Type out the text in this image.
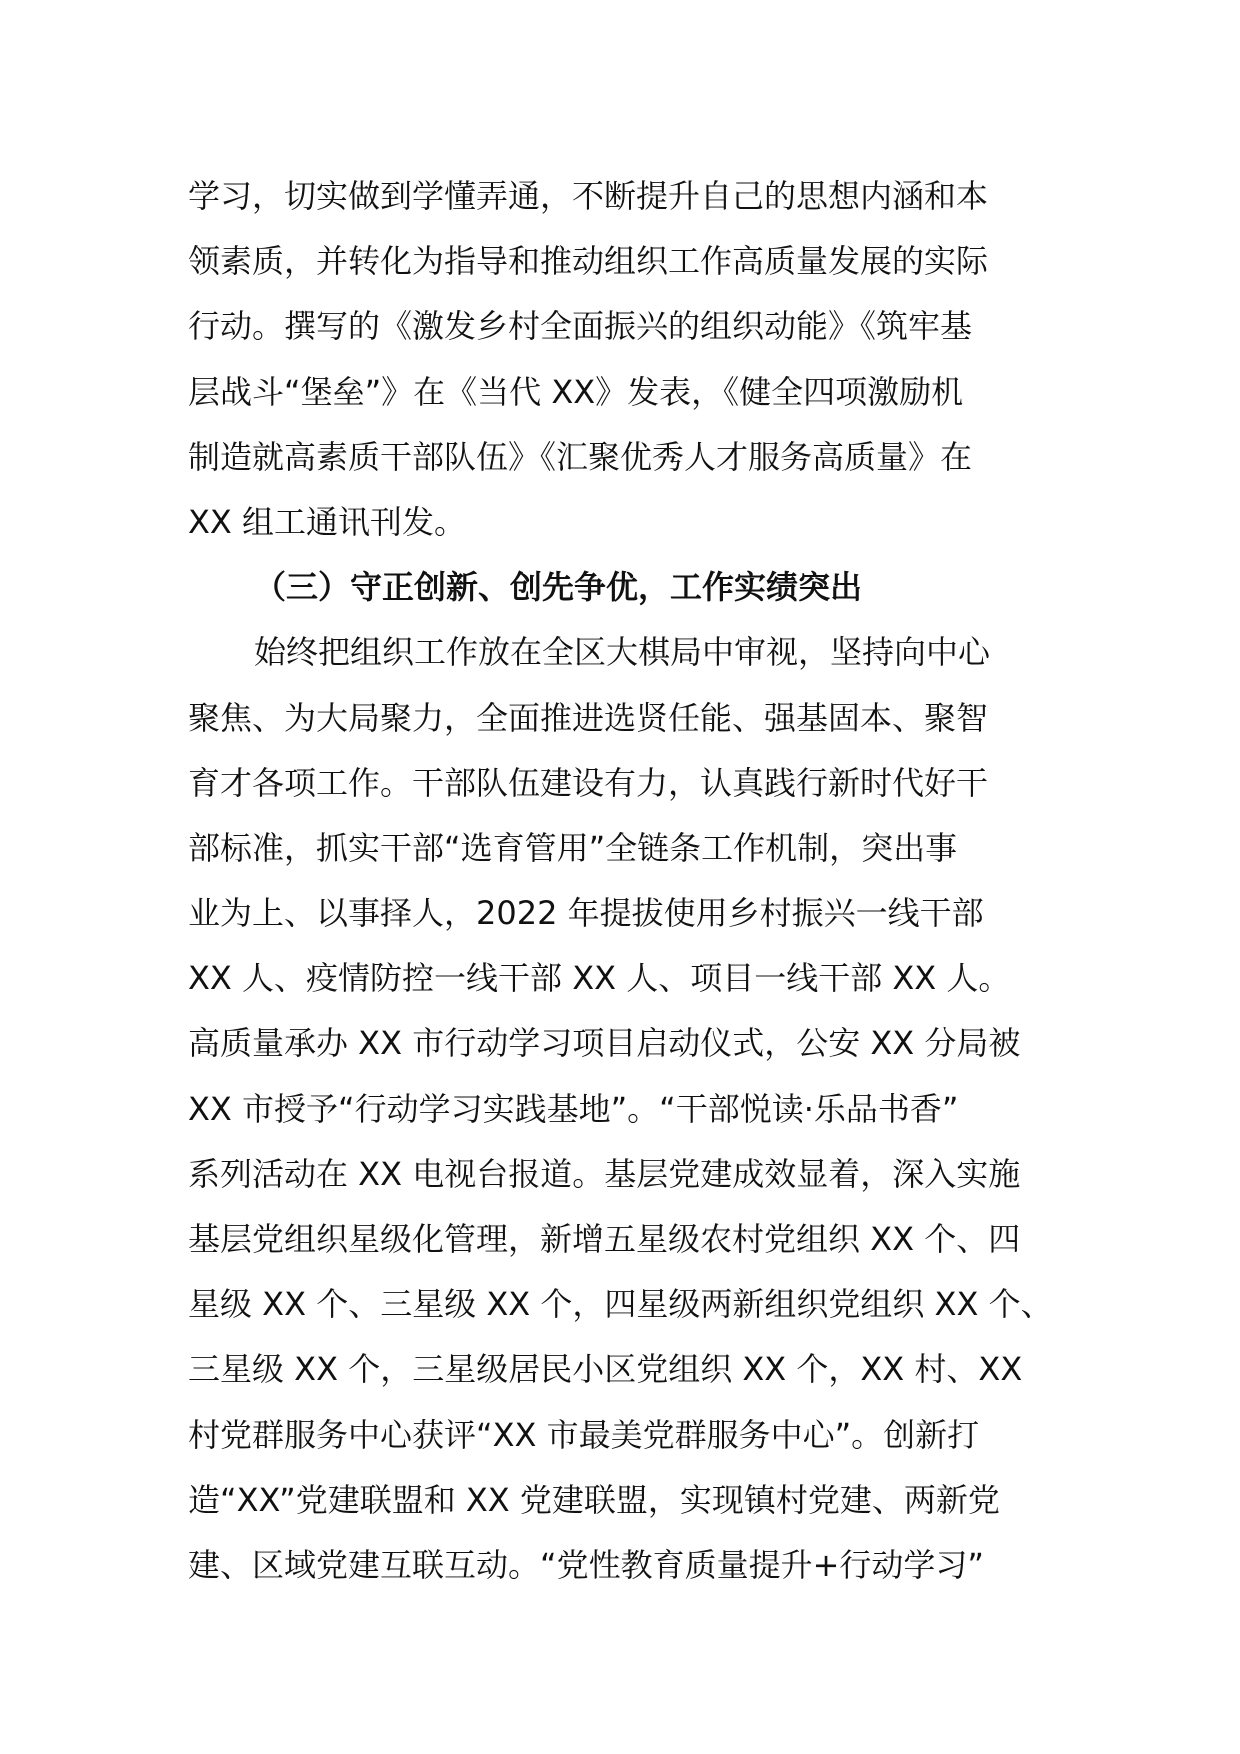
学习，切实做到学懂弄通，不断提升自己的思想内涵和本
领素质，并转化为指导和推动组织工作高质量发展的实际
行动。撰写的《激发乡村全面振兴的组织动能》《筑牢基
层战斗“堡垒”》在《当代 XX》发表，《健全四项激励机
制造就高素质干部队伍》《汇聚优秀人才服务高质量》在
XX 组工通讯刊发。
（三）守正创新、创先争优，工作实绩突出
始终把组织工作放在全区大棋局中审视，坚持向中心
聚焦、为大局聚力，全面推进选贤任能、强基固本、聚智
育才各项工作。干部队伍建设有力，认真践行新时代好干
部标准，抓实干部“选育管用”全链条工作机制，突出事
业为上、以事择人，2022 年提拔使用乡村振兴一线干部
XX 人、疫情防控一线干部 XX 人、项目一线干部 XX 人。
高质量承办 XX 市行动学习项目启动仪式，公安 XX 分局被
XX 市授予“行动学习实践基地”。“干部悦读·乐品书香”
系列活动在 XX 电视台报道。基层党建成效显着，深入实施
基层党组织星级化管理，新增五星级农村党组织 XX 个、四
星级 XX 个、三星级 XX 个，四星级两新组织党组织 XX 个、
三星级 XX 个，三星级居民小区党组织 XX 个，XX 村、XX
村党群服务中心获评“XX 市最美党群服务中心”。创新打
造“XX”党建联盟和 XX 党建联盟，实现镇村党建、两新党
建、区域党建互联互动。“党性教育质量提升+行动学习”
